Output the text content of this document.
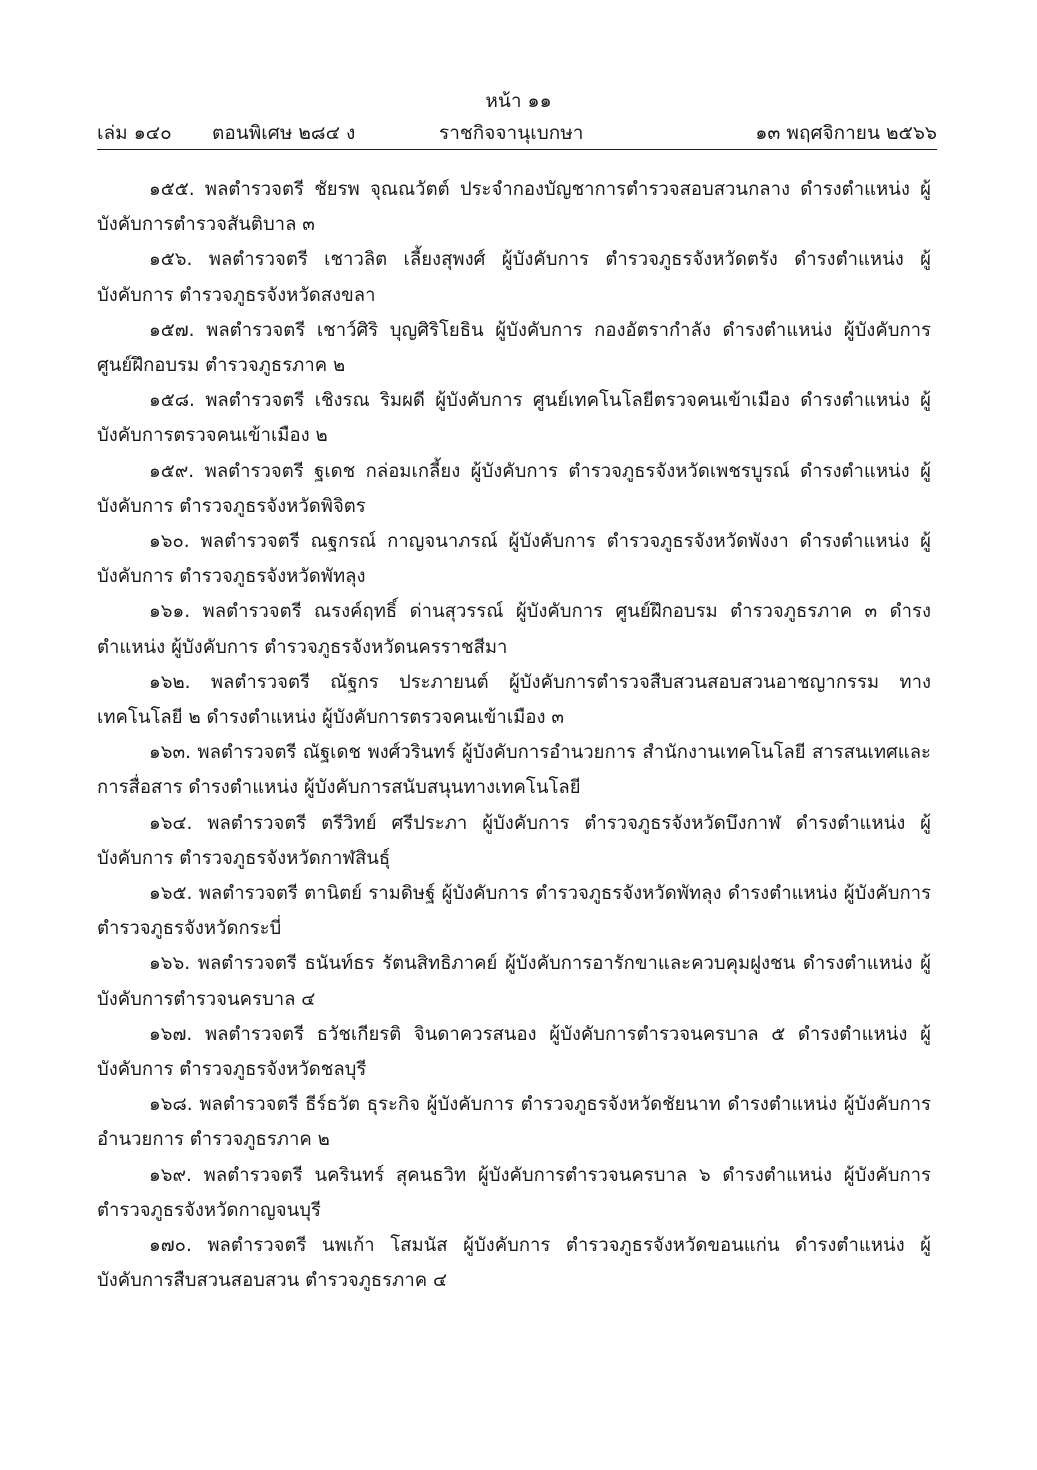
หน้า ๑๑
เล่ม ๑๔๐ ตอนพิเศษ ๒๘๔ ง	ราชกิจจานุเบกษา	๑๓ พฤศจิกายน ๒๕๖๖

๑๕๕. พลตำรวจตรี ชัยรพ จุณณวัตต์ ประจำกองบัญชาการตำรวจสอบสวนกลาง ดำรงตำแหน่ง ผู้บังคับการตำรวจสันติบาล ๓

๑๕๖. พลตำรวจตรี เชาวลิต เลี้ยงสุพงศ์ ผู้บังคับการ ตำรวจภูธรจังหวัดตรัง ดำรงตำแหน่ง ผู้บังคับการ ตำรวจภูธรจังหวัดสงขลา

๑๕๗. พลตำรวจตรี เชาว์ศิริ บุญศิริโยธิน ผู้บังคับการ กองอัตรากำลัง ดำรงตำแหน่ง ผู้บังคับการ ศูนย์ฝึกอบรม ตำรวจภูธรภาค ๒

๑๕๘. พลตำรวจตรี เชิงรณ ริมผดี ผู้บังคับการ ศูนย์เทคโนโลยีตรวจคนเข้าเมือง ดำรงตำแหน่ง ผู้บังคับการตรวจคนเข้าเมือง ๒

๑๕๙. พลตำรวจตรี ฐเดช กล่อมเกลี้ยง ผู้บังคับการ ตำรวจภูธรจังหวัดเพชรบูรณ์ ดำรงตำแหน่ง ผู้บังคับการ ตำรวจภูธรจังหวัดพิจิตร

๑๖๐. พลตำรวจตรี ณฐกรณ์ กาญจนาภรณ์ ผู้บังคับการ ตำรวจภูธรจังหวัดพังงา ดำรงตำแหน่ง ผู้บังคับการ ตำรวจภูธรจังหวัดพัทลุง

๑๖๑. พลตำรวจตรี ณรงค์ฤทธิ์ ด่านสุวรรณ์ ผู้บังคับการ ศูนย์ฝึกอบรม ตำรวจภูธรภาค ๓ ดำรงตำแหน่ง ผู้บังคับการ ตำรวจภูธรจังหวัดนครราชสีมา

๑๖๒. พลตำรวจตรี ณัฐกร ประภายนต์ ผู้บังคับการตำรวจสืบสวนสอบสวนอาชญากรรม ทางเทคโนโลยี ๒ ดำรงตำแหน่ง ผู้บังคับการตรวจคนเข้าเมือง ๓

๑๖๓. พลตำรวจตรี ณัฐเดช พงศ์วรินทร์ ผู้บังคับการอำนวยการ สำนักงานเทคโนโลยี สารสนเทศและการสื่อสาร ดำรงตำแหน่ง ผู้บังคับการสนับสนุนทางเทคโนโลยี

๑๖๔. พลตำรวจตรี ตรีวิทย์ ศรีประภา ผู้บังคับการ ตำรวจภูธรจังหวัดบึงกาฬ ดำรงตำแหน่ง ผู้บังคับการ ตำรวจภูธรจังหวัดกาฬสินธุ์

๑๖๕. พลตำรวจตรี ตานิตย์ รามดิษฐ์ ผู้บังคับการ ตำรวจภูธรจังหวัดพัทลุง ดำรงตำแหน่ง ผู้บังคับการ ตำรวจภูธรจังหวัดกระบี่

๑๖๖. พลตำรวจตรี ธนันท์ธร รัตนสิทธิภาคย์ ผู้บังคับการอารักขาและควบคุมฝูงชน ดำรงตำแหน่ง ผู้บังคับการตำรวจนครบาล ๔

๑๖๗. พลตำรวจตรี ธวัชเกียรติ จินดาควรสนอง ผู้บังคับการตำรวจนครบาล ๕ ดำรงตำแหน่ง ผู้บังคับการ ตำรวจภูธรจังหวัดชลบุรี

๑๖๘. พลตำรวจตรี ธีร์ธวัต ธุระกิจ ผู้บังคับการ ตำรวจภูธรจังหวัดชัยนาท ดำรงตำแหน่ง ผู้บังคับการอำนวยการ ตำรวจภูธรภาค ๒

๑๖๙. พลตำรวจตรี นครินทร์ สุคนธวิท ผู้บังคับการตำรวจนครบาล ๖ ดำรงตำแหน่ง ผู้บังคับการ ตำรวจภูธรจังหวัดกาญจนบุรี

๑๗๐. พลตำรวจตรี นพเก้า โสมนัส ผู้บังคับการ ตำรวจภูธรจังหวัดขอนแก่น ดำรงตำแหน่ง ผู้บังคับการสืบสวนสอบสวน ตำรวจภูธรภาค ๔
